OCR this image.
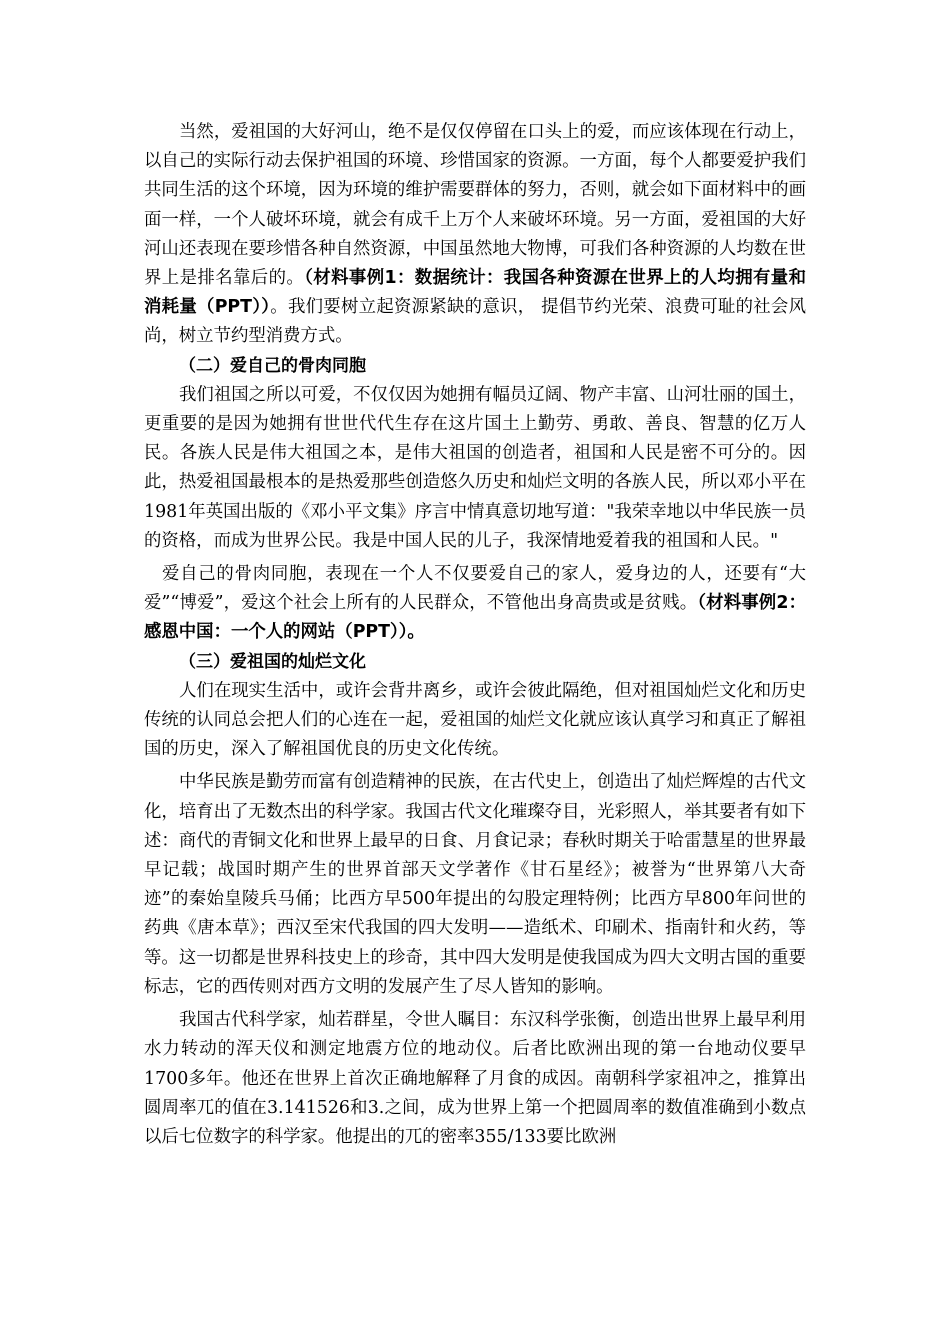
当然，爱祖国的大好河山，绝不是仅仅停留在口头上的爱，而应该体现在行动上，以自己的实际行动去保护祖国的环境、珍惜国家的资源。一方面，每个人都要爱护我们共同生活的这个环境，因为环境的维护需要群体的努力，否则，就会如下面材料中的画面一样，一个人破坏环境，就会有成千上万个人来破坏环境。另一方面，爱祖国的大好河山还表现在要珍惜各种自然资源，中国虽然地大物博，可我们各种资源的人均数在世界上是排名靠后的。（材料事例1：数据统计：我国各种资源在世界上的人均拥有量和消耗量（PPT））。我们要树立起资源紧缺的意识， 提倡节约光荣、浪费可耻的社会风尚，树立节约型消费方式。

（二）爱自己的骨肉同胞

我们祖国之所以可爱，不仅仅因为她拥有幅员辽阔、物产丰富、山河壮丽的国土，更重要的是因为她拥有世世代代生存在这片国土上勤劳、勇敢、善良、智慧的亿万人民。各族人民是伟大祖国之本，是伟大祖国的创造者，祖国和人民是密不可分的。因此，热爱祖国最根本的是热爱那些创造悠久历史和灿烂文明的各族人民，所以邓小平在1981年英国出版的《邓小平文集》序言中情真意切地写道："我荣幸地以中华民族一员的资格，而成为世界公民。我是中国人民的儿子，我深情地爱着我的祖国和人民。"

爱自己的骨肉同胞，表现在一个人不仅要爱自己的家人，爱身边的人，还要有“大爱”“博爱”，爱这个社会上所有的人民群众，不管他出身高贵或是贫贱。（材料事例2：感恩中国：一个人的网站（PPT））。

（三）爱祖国的灿烂文化

人们在现实生活中，或许会背井离乡，或许会彼此隔绝，但对祖国灿烂文化和历史传统的认同总会把人们的心连在一起，爱祖国的灿烂文化就应该认真学习和真正了解祖国的历史，深入了解祖国优良的历史文化传统。

中华民族是勤劳而富有创造精神的民族，在古代史上，创造出了灿烂辉煌的古代文化，培育出了无数杰出的科学家。我国古代文化璀璨夺目，光彩照人，举其要者有如下述：商代的青铜文化和世界上最早的日食、月食记录；春秋时期关于哈雷慧星的世界最早记载；战国时期产生的世界首部天文学著作《甘石星经》；被誉为“世界第八大奇迹”的秦始皇陵兵马俑；比西方早500年提出的勾股定理特例；比西方早800年问世的药典《唐本草》；西汉至宋代我国的四大发明——造纸术、印刷术、指南针和火药，等等。这一切都是世界科技史上的珍奇，其中四大发明是使我国成为四大文明古国的重要标志，它的西传则对西方文明的发展产生了尽人皆知的影响。

我国古代科学家，灿若群星，令世人瞩目：东汉科学张衡，创造出世界上最早利用水力转动的浑天仪和测定地震方位的地动仪。后者比欧洲出现的第一台地动仪要早1700多年。他还在世界上首次正确地解释了月食的成因。南朝科学家祖冲之，推算出圆周率兀的值在3.141526和3.之间，成为世界上第一个把圆周率的数值准确到小数点以后七位数字的科学家。他提出的兀的密率355/133要比欧洲
